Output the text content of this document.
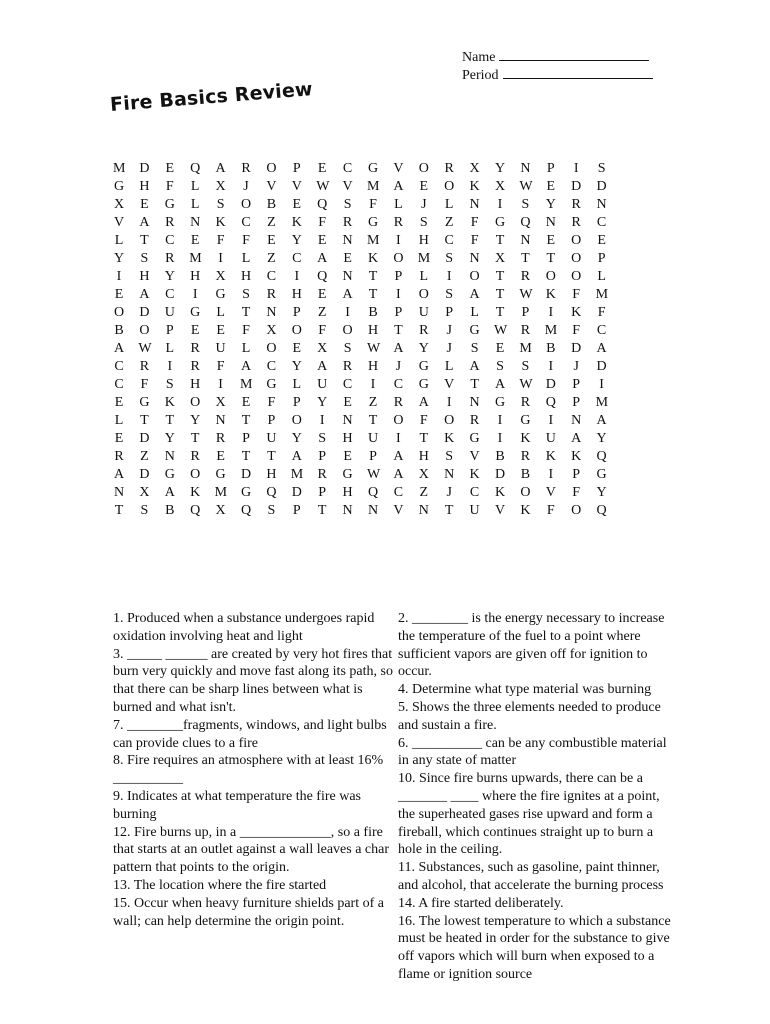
Name
Period
Fire Basics Review
M D E Q A R O P E C G V O R X Y N P I S
G H F L X J V V W V M A E O K X W E D D
X E G L S O B E Q S F L J L N I S Y R N
V A R N K C Z K F R G R S Z F G Q N R C
L T C E F F E Y E N M I H C F T N E O E
Y S R M I L Z C A E K O M S N X T T O P
I H Y H X H C I Q N T P L I O T R O O L
E A C I G S R H E A T I O S A T W K F M
O D U G L T N P Z I B P U P L T P I K F
B O P E E F X O F O H T R J G W R M F C
A W L R U L O E X S W A Y J S E M B D A
C R I R F A C Y A R H J G L A S S I J D
C F S H I M G L U C I C G V T A W D P I
E G K O X E F P Y E Z R A I N G R Q P M
L T T Y N T P O I N T O F O R I G I N A
E D Y T R P U Y S H U I T K G I K U A Y
R Z N R E T T A P E P A H S V B R K K Q
A D G O G D H M R G W A X N K D B I P G
N X A K M G Q D P H Q C Z J C K O V F Y
T S B Q X Q S P T N N V N T U V K F O Q
1. Produced when a substance undergoes rapid oxidation involving heat and light
3. _____ ______ are created by very hot fires that burn very quickly and move fast along its path, so that there can be sharp lines between what is burned and what isn't.
7. ________fragments, windows, and light bulbs can provide clues to a fire
8. Fire requires an atmosphere with at least 16% __________
9. Indicates at what temperature the fire was burning
12. Fire burns up, in a _____________, so a fire that starts at an outlet against a wall leaves a char pattern that points to the origin.
13. The location where the fire started
15. Occur when heavy furniture shields part of a wall; can help determine the origin point.
2. ________ is the energy necessary to increase the temperature of the fuel to a point where sufficient vapors are given off for ignition to occur.
4. Determine what type material was burning
5. Shows the three elements needed to produce and sustain a fire.
6. __________ can be any combustible material in any state of matter
10. Since fire burns upwards, there can be a _______ ____ where the fire ignites at a point, the superheated gases rise upward and form a fireball, which continues straight up to burn a hole in the ceiling.
11. Substances, such as gasoline, paint thinner, and alcohol, that accelerate the burning process
14. A fire started deliberately.
16. The lowest temperature to which a substance must be heated in order for the substance to give off vapors which will burn when exposed to a flame or ignition source
